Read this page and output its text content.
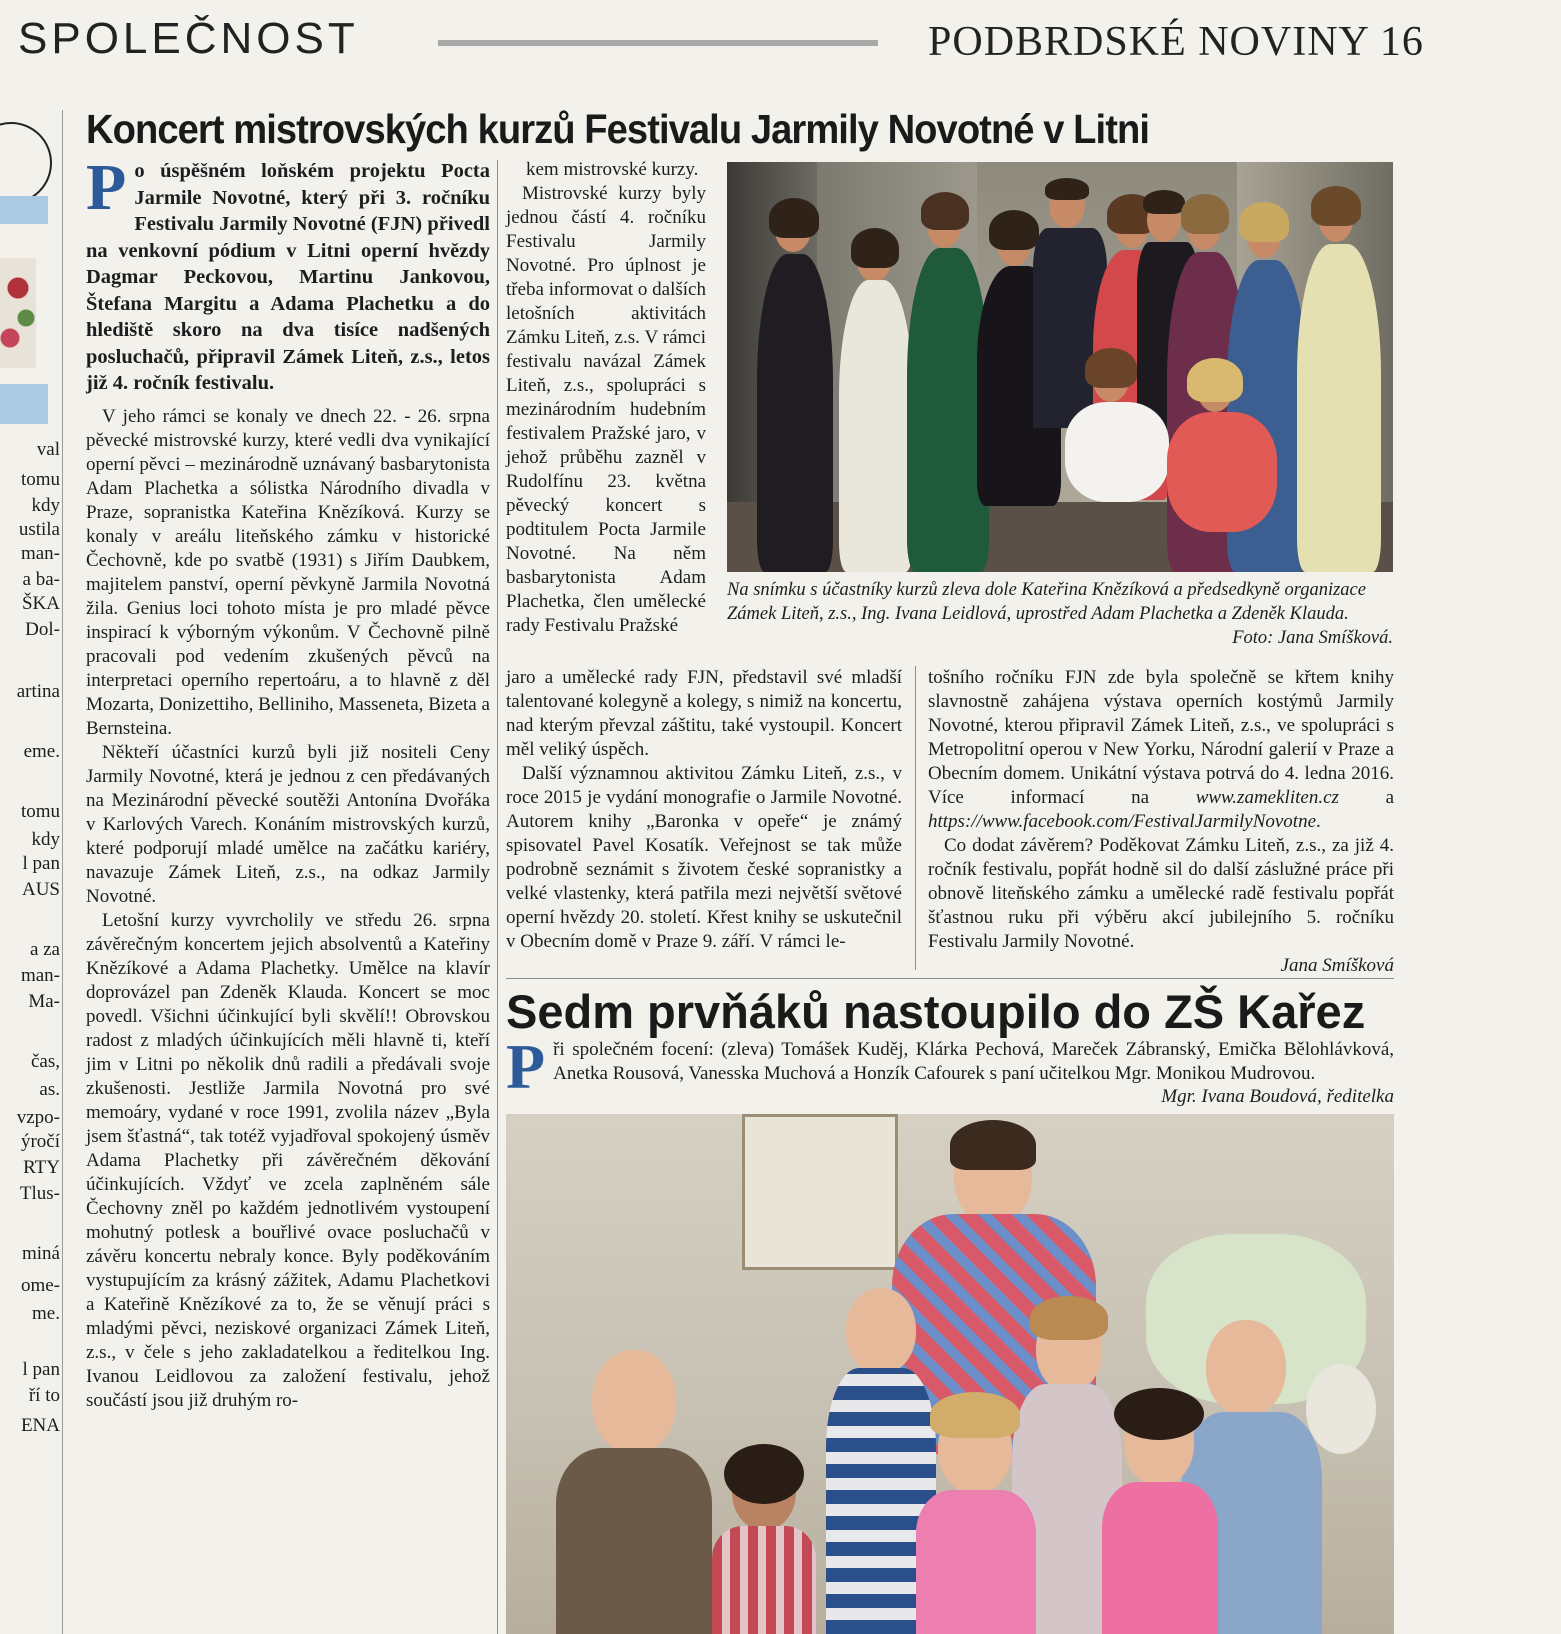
SPOLEČNOST	PODBRDSKÉ NOVINY 16
val
tomu
kdy
ustila
man-
a ba-
ŠKA
Dol-
artina
eme.
tomu
kdy
l pan
AUS
a za
man-
Ma-
čas,
as.
vzpo-
ýročí
RTY
Tlus-
miná
ome-
me.
l pan
ří to
ENA
Koncert mistrovských kurzů Festivalu Jarmily Novotné v Litni
Po úspěšném loňském projektu Pocta Jarmile Novotné, který při 3. ročníku Festivalu Jarmily Novotné (FJN) přivedl na venkovní pódium v Litni operní hvězdy Dagmar Peckovou, Martinu Jankovou, Štefana Margitu a Adama Plachetku a do hlediště skoro na dva tisíce nadšených posluchačů, připravil Zámek Liteň, z.s., letos již 4. ročník festivalu.

V jeho rámci se konaly ve dnech 22. - 26. srpna pěvecké mistrovské kurzy, které vedli dva vynikající operní pěvci – mezinárodně uznávaný basbarytonista Adam Plachetka a sólistka Národního divadla v Praze, sopranistka Kateřina Knězíková. Kurzy se konaly v areálu liteňského zámku v historické Čechovně, kde po svatbě (1931) s Jiřím Daubkem, majitelem panství, operní pěvkyně Jarmila Novotná žila. Genius loci tohoto místa je pro mladé pěvce inspirací k výborným výkonům. V Čechovně pilně pracovali pod vedením zkušených pěvců na interpretaci operního repertoáru, a to hlavně z děl Mozarta, Donizettiho, Belliniho, Masseneta, Bizeta a Bernsteina.

Někteří účastníci kurzů byli již nositeli Ceny Jarmily Novotné, která je jednou z cen předávaných na Mezinárodní pěvecké soutěži Antonína Dvořáka v Karlových Varech. Konáním mistrovských kurzů, které podporují mladé umělce na začátku kariéry, navazuje Zámek Liteň, z.s., na odkaz Jarmily Novotné.

Letošní kurzy vyvrcholily ve středu 26. srpna závěrečným koncertem jejich absolventů a Kateřiny Knězíkové a Adama Plachetky. Umělce na klavír doprovázel pan Zdeněk Klauda. Koncert se moc povedl. Všichni účinkující byli skvělí!! Obrovskou radost z mladých účinkujících měli hlavně ti, kteří jim v Litni po několik dnů radili a předávali svoje zkušenosti. Jestliže Jarmila Novotná pro své memoáry, vydané v roce 1991, zvolila název „Byla jsem šťastná“, tak totéž vyjadřoval spokojený úsměv Adama Plachetky při závěrečném děkování účinkujících. Vždyť ve zcela zaplněném sále Čechovny zněl po každém jednotlivém vystoupení mohutný potlesk a bouřlivé ovace posluchačů v závěru koncertu nebraly konce. Byly poděkováním vystupujícím za krásný zážitek, Adamu Plachetkovi a Kateřině Knězíkové za to, že se věnují práci s mladými pěvci, neziskové organizaci Zámek Liteň, z.s., v čele s jeho zakladatelkou a ředitelkou Ing. Ivanou Leidlovou za založení festivalu, jehož součástí jsou již druhým ro-

kem mistrovské kurzy.

Mistrovské kurzy byly jednou částí 4. ročníku Festivalu Jarmily Novotné. Pro úplnost je třeba informovat o dalších letošních aktivitách Zámku Liteň, z.s. V rámci festivalu navázal Zámek Liteň, z.s., spolupráci s mezinárodním hudebním festivalem Pražské jaro, v jehož průběhu zazněl v Rudolfínu 23. května pěvecký koncert s podtitulem Pocta Jarmile Novotné. Na něm basbarytonista Adam Plachetka, člen umělecké rady Festivalu Pražské

Na snímku s účastníky kurzů zleva dole Kateřina Knězíková a předsedkyně organizace Zámek Liteň, z.s., Ing. Ivana Leidlová, uprostřed Adam Plachetka a Zdeněk Klauda.
Foto: Jana Smíšková.

jaro a umělecké rady FJN, představil své mladší talentované kolegyně a kolegy, s nimiž na koncertu, nad kterým převzal záštitu, také vystoupil. Koncert měl veliký úspěch.

Další významnou aktivitou Zámku Liteň, z.s., v roce 2015 je vydání monografie o Jarmile Novotné. Autorem knihy „Baronka v opeře“ je známý spisovatel Pavel Kosatík. Veřejnost se tak může podrobně seznámit s životem české sopranistky a velké vlastenky, která patřila mezi největší světové operní hvězdy 20. století. Křest knihy se uskutečnil v Obecním domě v Praze 9. září. V rámci le-

tošního ročníku FJN zde byla společně se křtem knihy slavnostně zahájena výstava operních kostýmů Jarmily Novotné, kterou připravil Zámek Liteň, z.s., ve spolupráci s Metropolitní operou v New Yorku, Národní galerií v Praze a Obecním domem. Unikátní výstava potrvá do 4. ledna 2016. Více informací na www.zamekliten.cz a https://www.facebook.com/FestivalJarmilyNovotne.

Co dodat závěrem? Poděkovat Zámku Liteň, z.s., za již 4. ročník festivalu, popřát hodně sil do další záslužné práce při obnově liteňského zámku a umělecké radě festivalu popřát šťastnou ruku při výběru akcí jubilejního 5. ročníku Festivalu Jarmily Novotné.

Jana Smíšková
Sedm prvňáků nastoupilo do ZŠ Kařez
Při společném focení: (zleva) Tomášek Kuděj, Klárka Pechová, Mareček Zábranský, Emička Bělohlávková, Anetka Rousová, Vanesska Muchová a Honzík Cafourek s paní učitelkou Mgr. Monikou Mudrovou.
Mgr. Ivana Boudová, ředitelka
